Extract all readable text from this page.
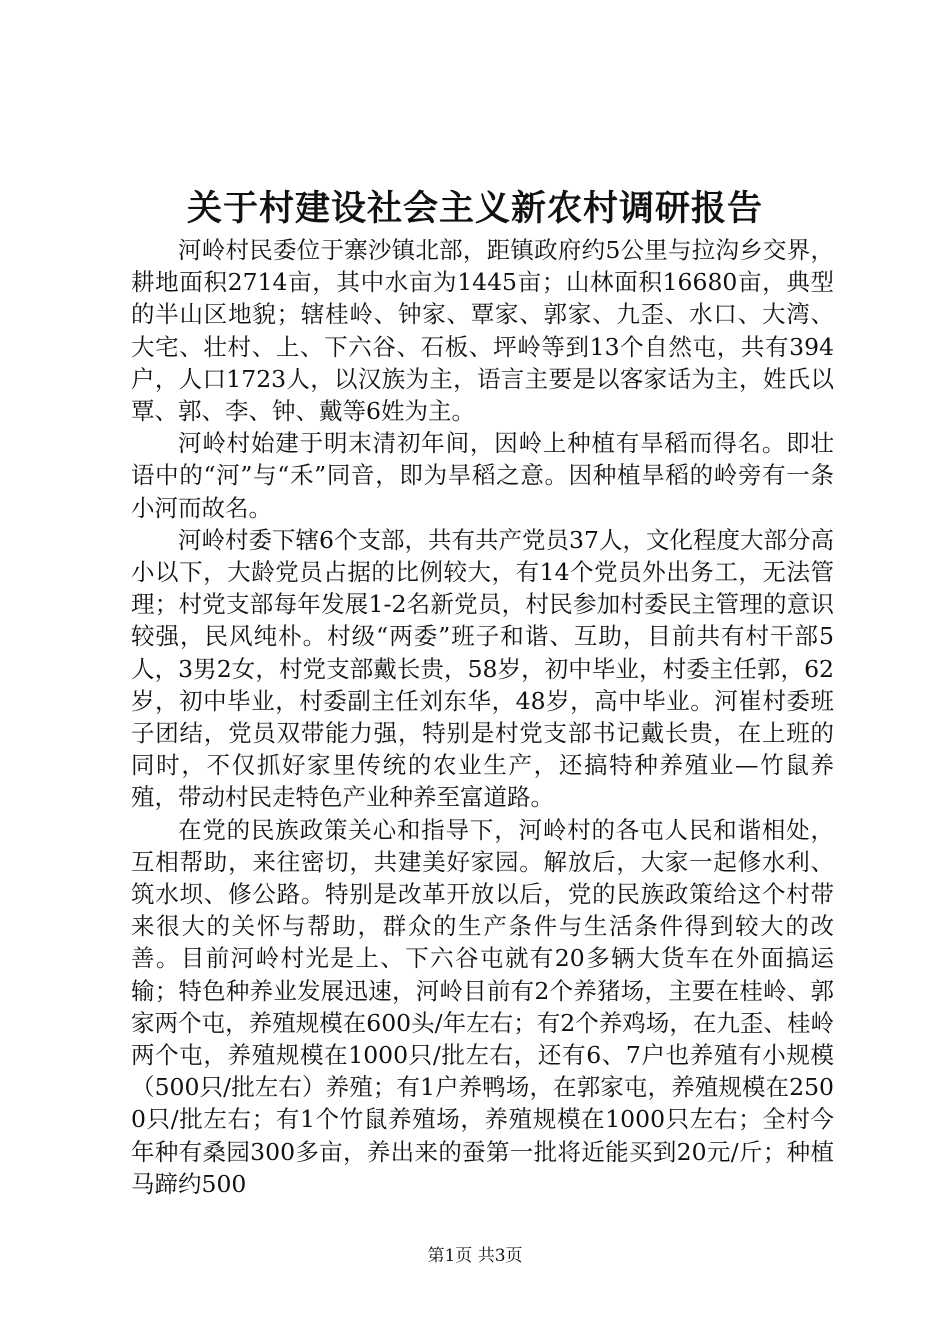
关于村建设社会主义新农村调研报告

河岭村民委位于寨沙镇北部，距镇政府约5公里与拉沟乡交界，耕地面积2714亩，其中水亩为1445亩；山林面积16680亩，典型的半山区地貌；辖桂岭、钟家、覃家、郭家、九歪、水口、大湾、大宅、壮村、上、下六谷、石板、坪岭等到13个自然屯，共有394户，人口1723人，以汉族为主，语言主要是以客家话为主，姓氏以覃、郭、李、钟、戴等6姓为主。

河岭村始建于明末清初年间，因岭上种植有旱稻而得名。即壮语中的“河”与“禾”同音，即为旱稻之意。因种植旱稻的岭旁有一条小河而故名。

河岭村委下辖6个支部，共有共产党员37人，文化程度大部分高小以下，大龄党员占据的比例较大，有14个党员外出务工，无法管理；村党支部每年发展1-2名新党员，村民参加村委民主管理的意识较强，民风纯朴。村级“两委”班子和谐、互助，目前共有村干部5人，3男2女，村党支部戴长贵，58岁，初中毕业，村委主任郭，62岁，初中毕业，村委副主任刘东华，48岁，高中毕业。河崔村委班子团结，党员双带能力强，特别是村党支部书记戴长贵，在上班的同时，不仅抓好家里传统的农业生产，还搞特种养殖业—竹鼠养殖，带动村民走特色产业种养至富道路。

在党的民族政策关心和指导下，河岭村的各屯人民和谐相处，互相帮助，来往密切，共建美好家园。解放后，大家一起修水利、筑水坝、修公路。特别是改革开放以后，党的民族政策给这个村带来很大的关怀与帮助，群众的生产条件与生活条件得到较大的改善。目前河岭村光是上、下六谷屯就有20多辆大货车在外面搞运输；特色种养业发展迅速，河岭目前有2个养猪场，主要在桂岭、郭家两个屯，养殖规模在600头/年左右；有2个养鸡场，在九歪、桂岭两个屯，养殖规模在1000只/批左右，还有6、7户也养殖有小规模（500只/批左右）养殖；有1户养鸭场，在郭家屯，养殖规模在2500只/批左右；有1个竹鼠养殖场，养殖规模在1000只左右；全村今年种有桑园300多亩，养出来的蚕第一批将近能买到20元/斤；种植马蹄约500

第1页 共3页
